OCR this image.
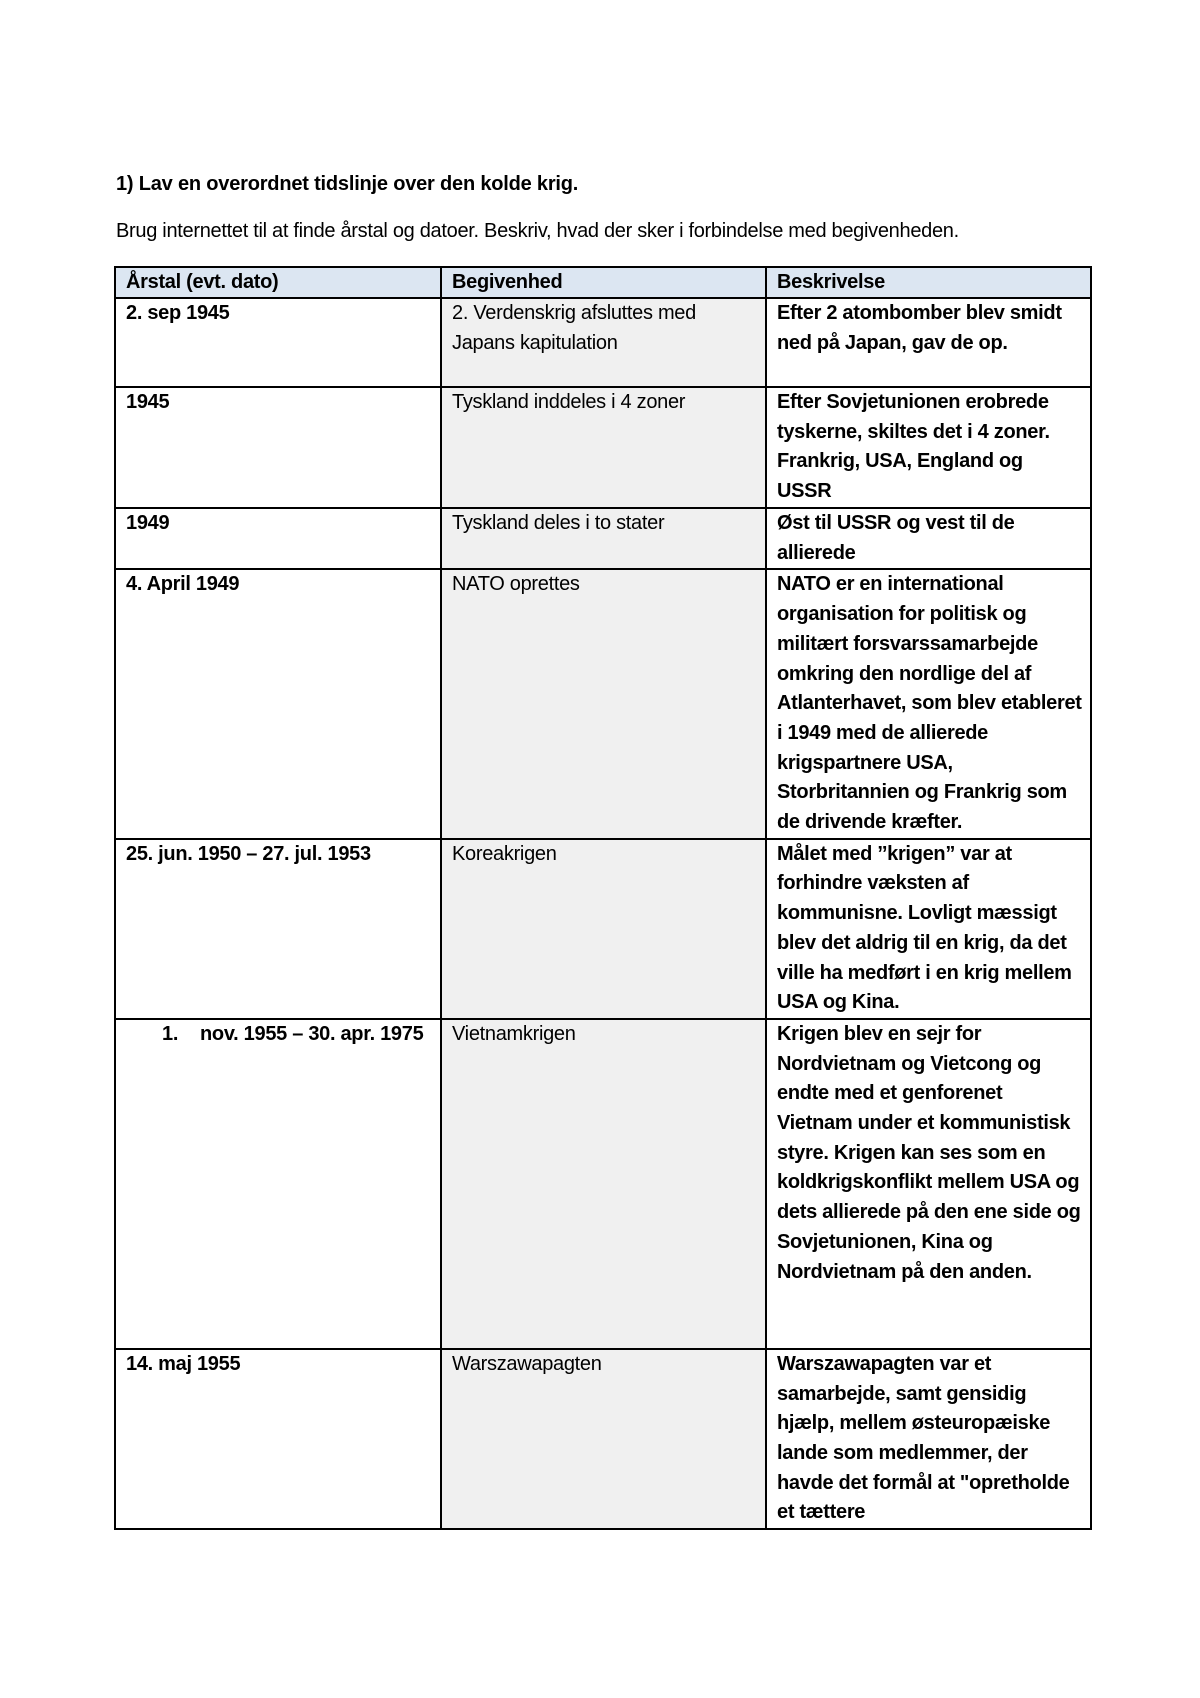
1) Lav en overordnet tidslinje over den kolde krig.
Brug internettet til at finde årstal og datoer. Beskriv, hvad der sker i forbindelse med begivenheden.
Årstal (evt. dato)	Begivenhed	Beskrivelse
2. sep 1945	2. Verdenskrig afsluttes med Japans kapitulation	Efter 2 atombomber blev smidt ned på Japan, gav de op.
1945	Tyskland inddeles i 4 zoner	Efter Sovjetunionen erobrede tyskerne, skiltes det i 4 zoner. Frankrig, USA, England og USSR
1949	Tyskland deles i to stater	Øst til USSR og vest til de allierede
4. April 1949	NATO oprettes	NATO er en international organisation for politisk og militært forsvarssamarbejde omkring den nordlige del af Atlanterhavet, som blev etableret i 1949 med de allierede krigspartnere USA, Storbritannien og Frankrig som de drivende kræfter.
25. jun. 1950 – 27. jul. 1953	Koreakrigen	Målet med ’’krigen” var at forhindre væksten af kommunisne. Lovligt mæssigt blev det aldrig til en krig, da det ville ha medført i en krig mellem USA og Kina.

1. nov. 1955 – 30. apr. 1975	Vietnamkrigen	Krigen blev en sejr for Nordvietnam og Vietcong og endte med et genforenet Vietnam under et kommunistisk styre. Krigen kan ses som en koldkrigskonflikt mellem USA og dets allierede på den ene side og Sovjetunionen, Kina og Nordvietnam på den anden.
14. maj 1955	Warszawapagten	Warszawapagten var et samarbejde, samt gensidig hjælp, mellem østeuropæiske lande som medlemmer, der havde det formål at "opretholde et tættere
